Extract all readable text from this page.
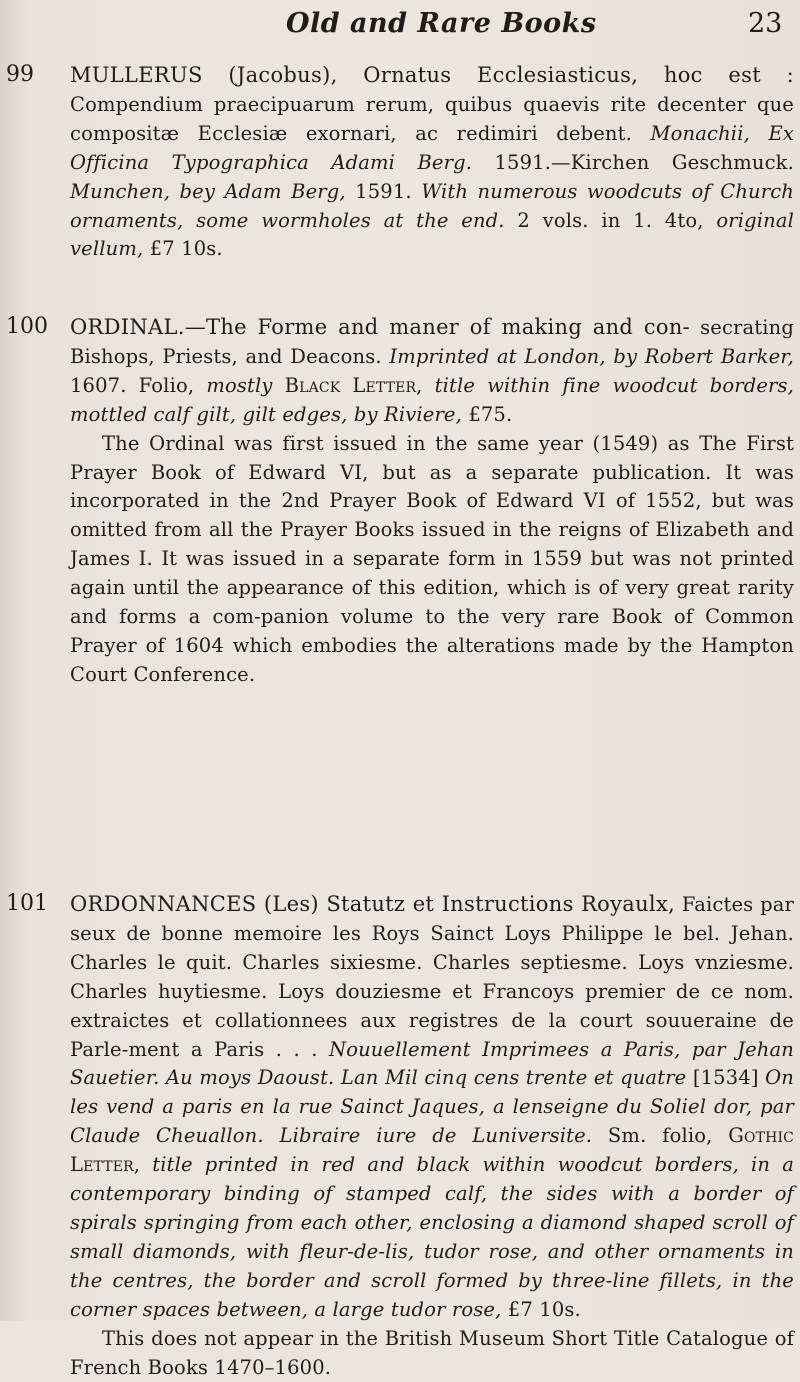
Old and Rare Books	23
99 MULLERUS (Jacobus), Ornatus Ecclesiasticus, hoc est : Compendium praecipuarum rerum, quibus quaevis rite decenter que compositæ Ecclesiæ exornari, ac redimiri debent. Monachii, Ex Officina Typographica Adami Berg. 1591.—Kirchen Geschmuck. Munchen, bey Adam Berg, 1591. With numerous woodcuts of Church ornaments, some wormholes at the end. 2 vols. in 1. 4to, original vellum, £7 10s.

100 ORDINAL.—The Forme and maner of making and con- secrating Bishops, Priests, and Deacons. Imprinted at London, by Robert Barker, 1607. Folio, mostly Black Letter, title within fine woodcut borders, mottled calf gilt, gilt edges, by Riviere, £75.

The Ordinal was first issued in the same year (1549) as The First Prayer Book of Edward VI, but as a separate publication. It was incorporated in the 2nd Prayer Book of Edward VI of 1552, but was omitted from all the Prayer Books issued in the reigns of Elizabeth and James I. It was issued in a separate form in 1559 but was not printed again until the appearance of this edition, which is of very great rarity and forms a com-panion volume to the very rare Book of Common Prayer of 1604 which embodies the alterations made by the Hampton Court Conference.

101 ORDONNANCES (Les) Statutz et Instructions Royaulx, Faictes par seux de bonne memoire les Roys Sainct Loys Philippe le bel. Jehan. Charles le quit. Charles sixiesme. Charles septiesme. Loys vnziesme. Charles huytiesme. Loys douziesme et Francoys premier de ce nom. extraictes et collationnees aux registres de la court souueraine de Parle-ment a Paris . . . Nouuellement Imprimees a Paris, par Jehan Sauetier. Au moys Daoust. Lan Mil cinq cens trente et quatre [1534] On les vend a paris en la rue Sainct Jaques, a lenseigne du Soliel dor, par Claude Cheuallon. Libraire iure de Luniversite. Sm. folio, Gothic Letter, title printed in red and black within woodcut borders, in a contemporary binding of stamped calf, the sides with a border of spirals springing from each other, enclosing a diamond shaped scroll of small diamonds, with fleur-de-lis, tudor rose, and other ornaments in the centres, the border and scroll formed by three-line fillets, in the corner spaces between, a large tudor rose, £7 10s.

This does not appear in the British Museum Short Title Catalogue of French Books 1470–1600.
